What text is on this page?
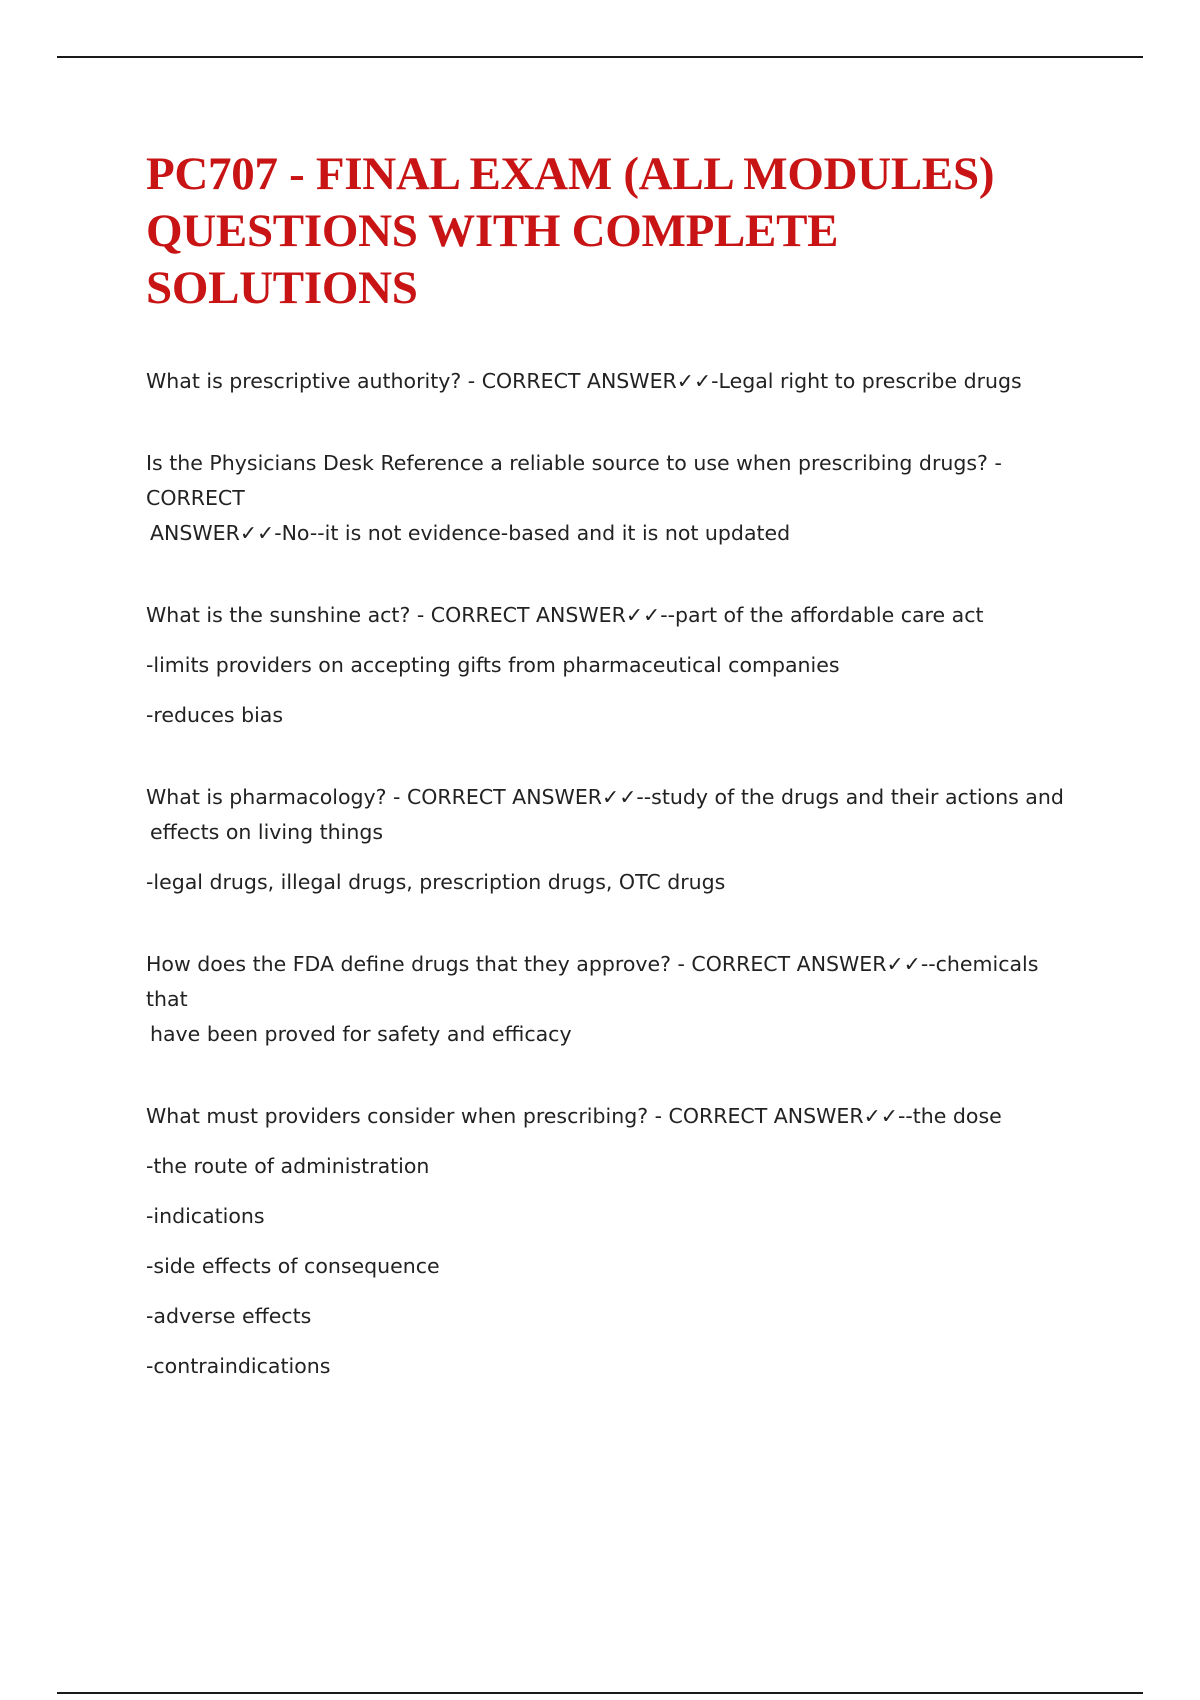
PC707 - FINAL EXAM (ALL MODULES) QUESTIONS WITH COMPLETE SOLUTIONS

What is prescriptive authority? - CORRECT ANSWER✓✓-Legal right to prescribe drugs

Is the Physicians Desk Reference a reliable source to use when prescribing drugs? - CORRECT
ANSWER✓✓-No--it is not evidence-based and it is not updated

What is the sunshine act? - CORRECT ANSWER✓✓--part of the affordable care act

-limits providers on accepting gifts from pharmaceutical companies

-reduces bias

What is pharmacology? - CORRECT ANSWER✓✓--study of the drugs and their actions and
effects on living things

-legal drugs, illegal drugs, prescription drugs, OTC drugs

How does the FDA define drugs that they approve? - CORRECT ANSWER✓✓--chemicals that
have been proved for safety and efficacy

What must providers consider when prescribing? - CORRECT ANSWER✓✓--the dose

-the route of administration

-indications

-side effects of consequence

-adverse effects

-contraindications
